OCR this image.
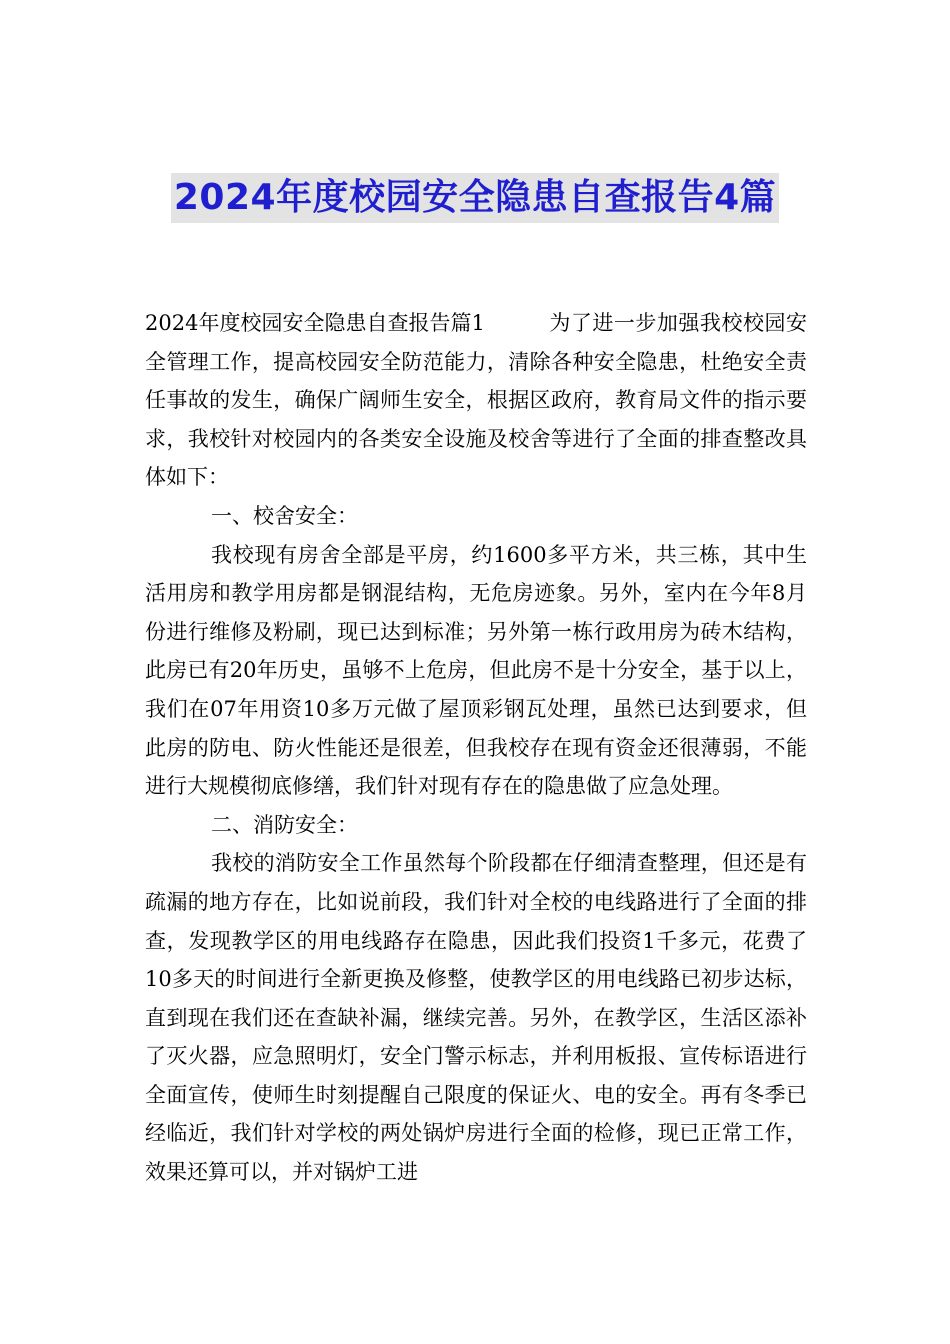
2024年度校园安全隐患自查报告4篇

2024年度校园安全隐患自查报告篇1	为了进一步加强我校校园安全管理工作，提高校园安全防范能力，清除各种安全隐患，杜绝安全责任事故的发生，确保广阔师生安全，根据区政府，教育局文件的指示要求，我校针对校园内的各类安全设施及校舍等进行了全面的排查整改具体如下：

一、校舍安全：

我校现有房舍全部是平房，约1600多平方米，共三栋，其中生活用房和教学用房都是钢混结构，无危房迹象。另外，室内在今年8月份进行维修及粉刷，现已达到标准；另外第一栋行政用房为砖木结构，此房已有20年历史，虽够不上危房，但此房不是十分安全，基于以上，我们在07年用资10多万元做了屋顶彩钢瓦处理，虽然已达到要求，但此房的防电、防火性能还是很差，但我校存在现有资金还很薄弱，不能进行大规模彻底修缮，我们针对现有存在的隐患做了应急处理。

二、消防安全：

我校的消防安全工作虽然每个阶段都在仔细清查整理，但还是有疏漏的地方存在，比如说前段，我们针对全校的电线路进行了全面的排查，发现教学区的用电线路存在隐患，因此我们投资1千多元，花费了10多天的时间进行全新更换及修整，使教学区的用电线路已初步达标，直到现在我们还在查缺补漏，继续完善。另外，在教学区，生活区添补了灭火器，应急照明灯，安全门警示标志，并利用板报、宣传标语进行全面宣传，使师生时刻提醒自己限度的保证火、电的安全。再有冬季已经临近，我们针对学校的两处锅炉房进行全面的检修，现已正常工作，效果还算可以，并对锅炉工进
